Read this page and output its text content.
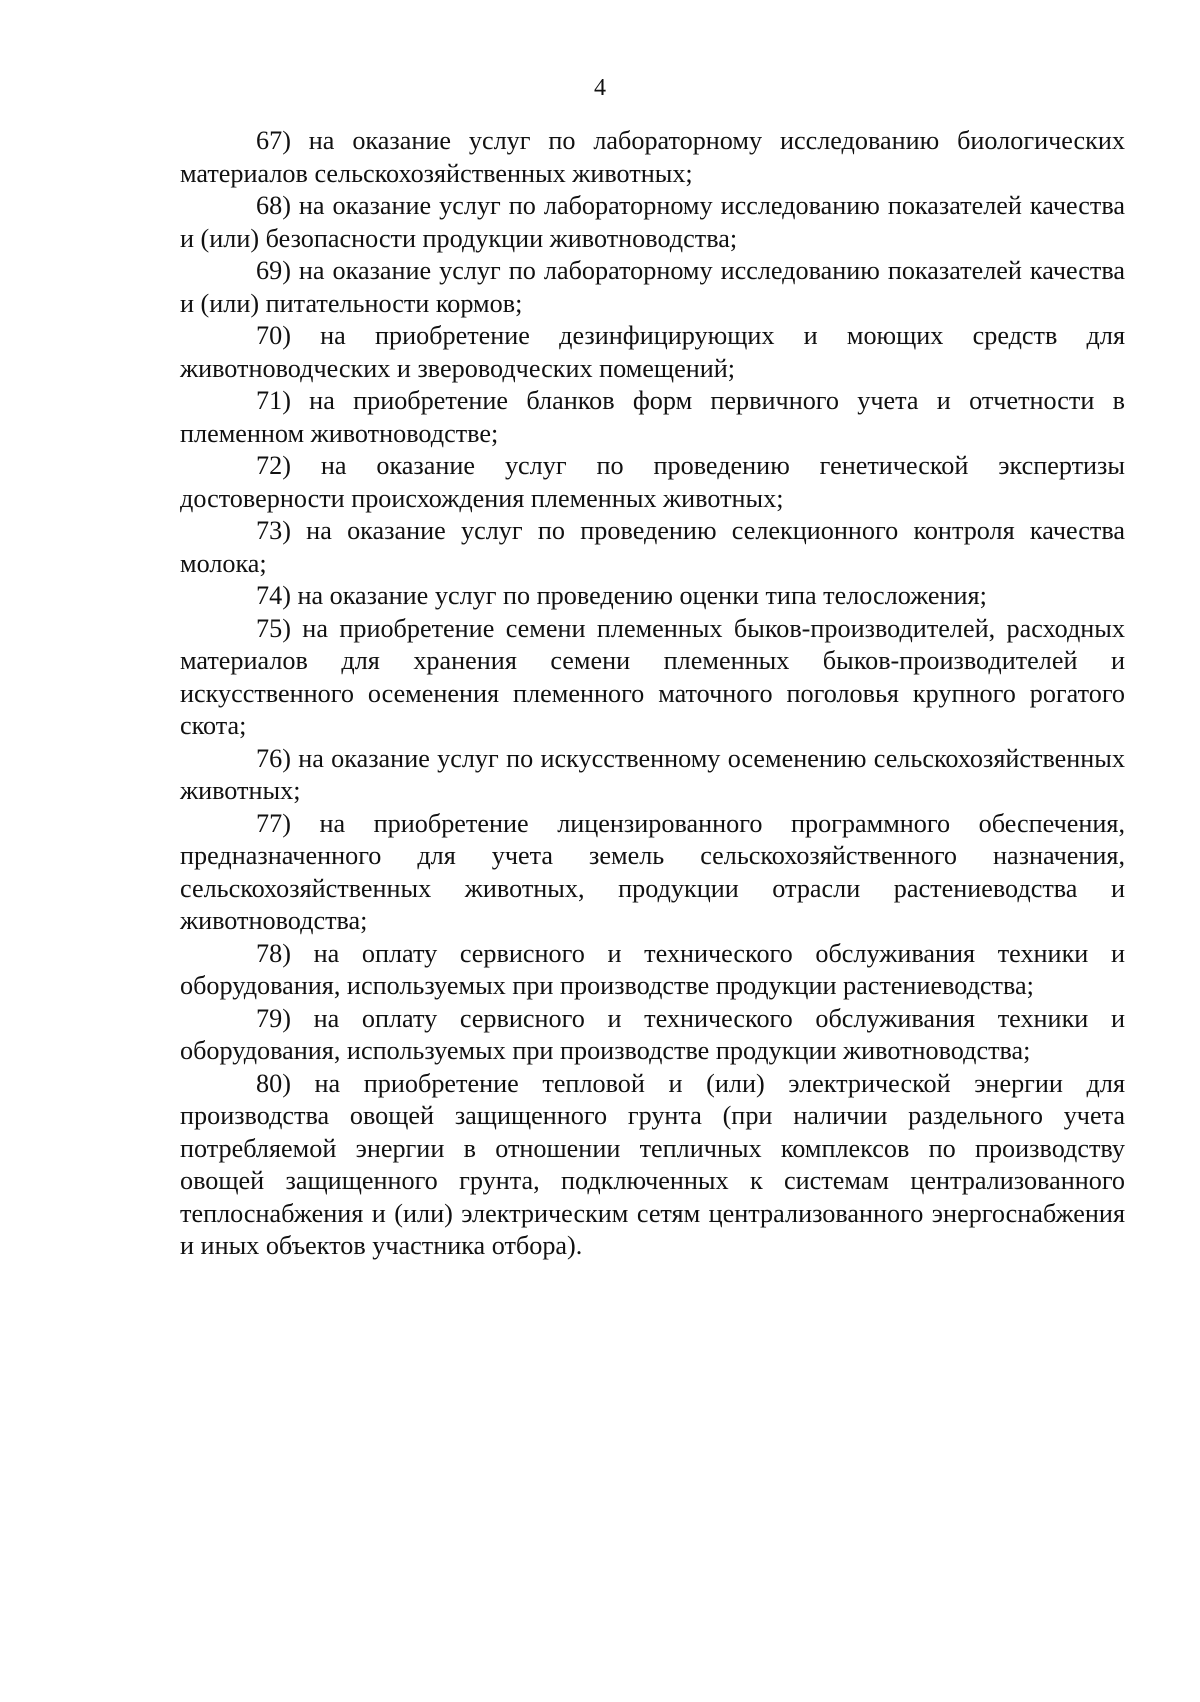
4

67) на оказание услуг по лабораторному исследованию биологических материалов сельскохозяйственных животных;

68) на оказание услуг по лабораторному исследованию показателей качества и (или) безопасности продукции животноводства;

69) на оказание услуг по лабораторному исследованию показателей качества и (или) питательности кормов;

70) на приобретение дезинфицирующих и моющих средств для животноводческих и звероводческих помещений;

71) на приобретение бланков форм первичного учета и отчетности в племенном животноводстве;

72) на оказание услуг по проведению генетической экспертизы достоверности происхождения племенных животных;

73) на оказание услуг по проведению селекционного контроля качества молока;

74) на оказание услуг по проведению оценки типа телосложения;

75) на приобретение семени племенных быков-производителей, расходных материалов для хранения семени племенных быков-производителей и искусственного осеменения племенного маточного поголовья крупного рогатого скота;

76) на оказание услуг по искусственному осеменению сельскохозяйственных животных;

77) на приобретение лицензированного программного обеспечения, предназначенного для учета земель сельскохозяйственного назначения, сельскохозяйственных животных, продукции отрасли растениеводства и животноводства;

78) на оплату сервисного и технического обслуживания техники и оборудования, используемых при производстве продукции растениеводства;

79) на оплату сервисного и технического обслуживания техники и оборудования, используемых при производстве продукции животноводства;

80) на приобретение тепловой и (или) электрической энергии для производства овощей защищенного грунта (при наличии раздельного учета потребляемой энергии в отношении тепличных комплексов по производству овощей защищенного грунта, подключенных к системам централизованного теплоснабжения и (или) электрическим сетям централизованного энергоснабжения и иных объектов участника отбора).
